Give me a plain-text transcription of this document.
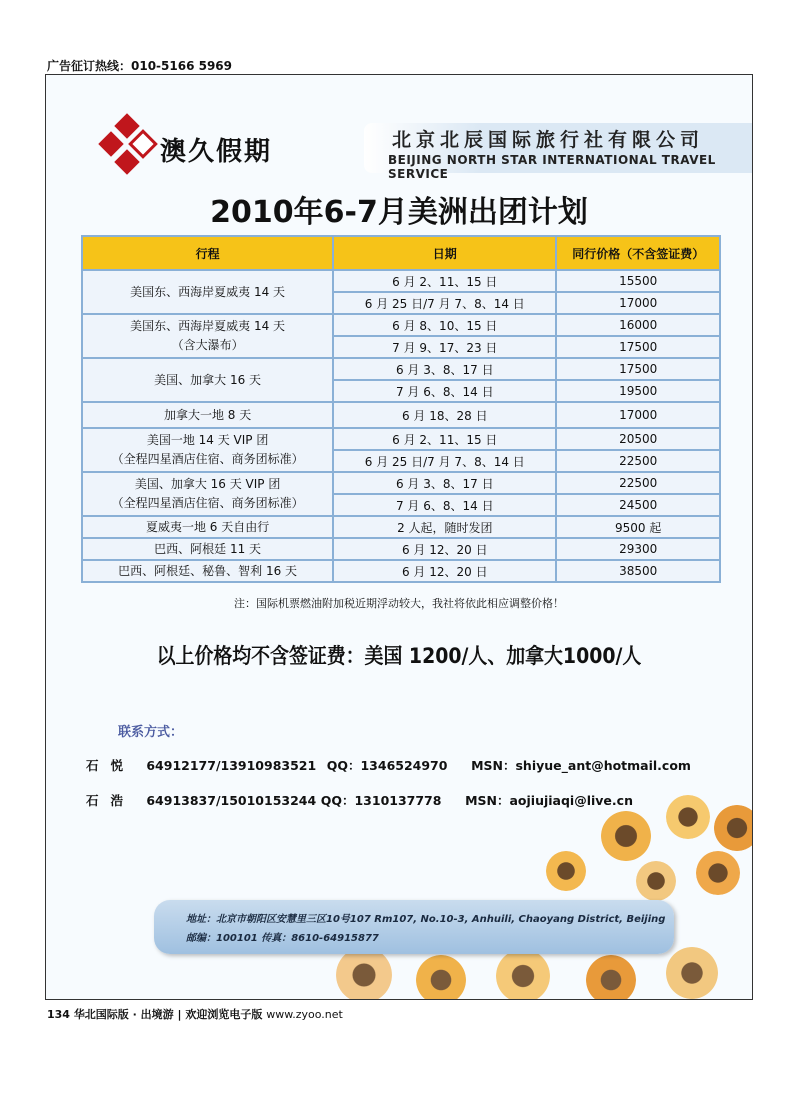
广告征订热线：010-5166 5969
澳久假期	北京北辰国际旅行社有限公司
BEIJING NORTH STAR INTERNATIONAL TRAVEL SERVICE
2010年6-7月美洲出团计划
行程	日期	同行价格（不含签证费）

美国东、西海岸夏威夷 14 天	6 月 2、11、15 日	15500
	6 月 25 日/7 月 7、8、14 日	17000

美国东、西海岸夏威夷 14 天
（含大瀑布）	6 月 8、10、15 日	16000
	7 月 9、17、23 日	17500

美国、加拿大 16 天	6 月 3、8、17 日	17500
	7 月 6、8、14 日	19500

加拿大一地 8 天	6 月 18、28 日	17000

美国一地 14 天 VIP 团
（全程四星酒店住宿、商务团标准）	6 月 2、11、15 日	20500
	6 月 25 日/7 月 7、8、14 日	22500

美国、加拿大 16 天 VIP 团
（全程四星酒店住宿、商务团标准）	6 月 3、8、17 日	22500
	7 月 6、8、14 日	24500

夏威夷一地 6 天自由行	2 人起，随时发团	9500 起

巴西、阿根廷 11 天	6 月 12、20 日	29300

巴西、阿根廷、秘鲁、智利 16 天	6 月 12、20 日	38500
注：国际机票燃油附加税近期浮动较大，我社将依此相应调整价格！
以上价格均不含签证费：美国 1200/人、加拿大1000/人
联系方式：
石悦 64912177/13910983521 QQ：1346524970 MSN：shiyue_ant@hotmail.com
石浩 64913837/15010153244 QQ：1310137778 MSN：aojiujiaqi@live.cn
地址：北京市朝阳区安慧里三区10号107 Rm107, No.10-3, Anhuili, Chaoyang District, Beijing
邮编：100101 传真：8610-64915877
134 华北国际版 · 出境游 | 欢迎浏览电子版 www.zyoo.net
